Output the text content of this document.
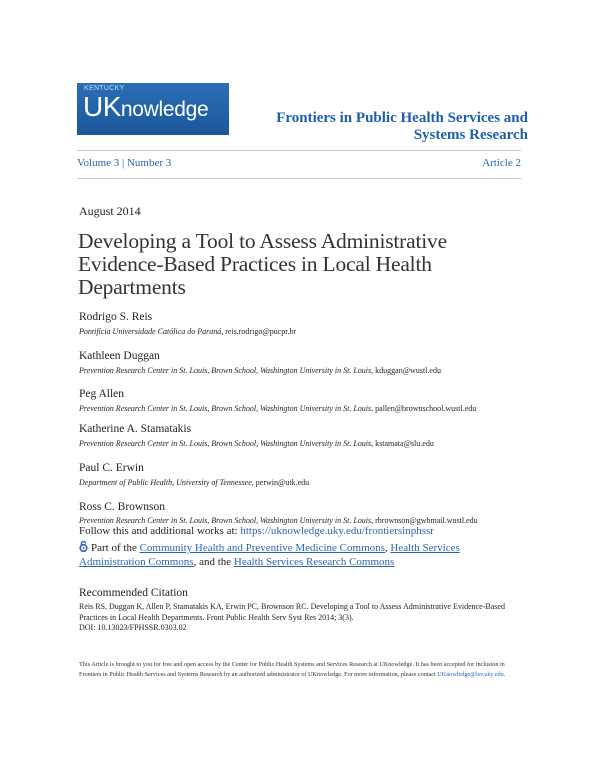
KENTUCKY
UKnowledge	Frontiers in Public Health Services and
Systems Research
Volume 3 | Number 3	Article 2
August 2014
Developing a Tool to Assess Administrative Evidence-Based Practices in Local Health Departments
Rodrigo S. Reis
Pontifícia Universidade Católica do Paraná, reis.rodrigo@pucpr.br
Kathleen Duggan
Prevention Research Center in St. Louis, Brown School, Washington University in St. Louis, kduggan@wustl.edu
Peg Allen
Prevention Research Center in St. Louis, Brown School, Washington University in St. Louis, pallen@brownschool.wustl.edu
Katherine A. Stamatakis
Prevention Research Center in St. Louis, Brown School, Washington University in St. Louis, kstamata@slu.edu
Paul C. Erwin
Department of Public Health, University of Tennessee, perwin@utk.edu
Ross C. Brownson
Prevention Research Center in St. Louis, Brown School, Washington University in St. Louis, rbrownson@gwbmail.wustl.edu
Follow this and additional works at: https://uknowledge.uky.edu/frontiersinphssr
Part of the Community Health and Preventive Medicine Commons, Health Services Administration Commons, and the Health Services Research Commons
Recommended Citation
Reis RS, Duggan K, Allen P, Stamatakis KA, Erwin PC, Brownson RC. Developing a Tool to Assess Administrative Evidence-Based
Practices in Local Health Departments. Front Public Health Serv Syst Res 2014; 3(3).
DOI: 10.13023/FPHSSR.0303.02
This Article is brought to you for free and open access by the Center for Public Health Systems and Services Research at UKnowledge. It has been accepted for inclusion in Frontiers in Public Health Services and Systems Research by an authorized administrator of UKnowledge. For more information, please contact UKnowledge@lsv.uky.edu.
